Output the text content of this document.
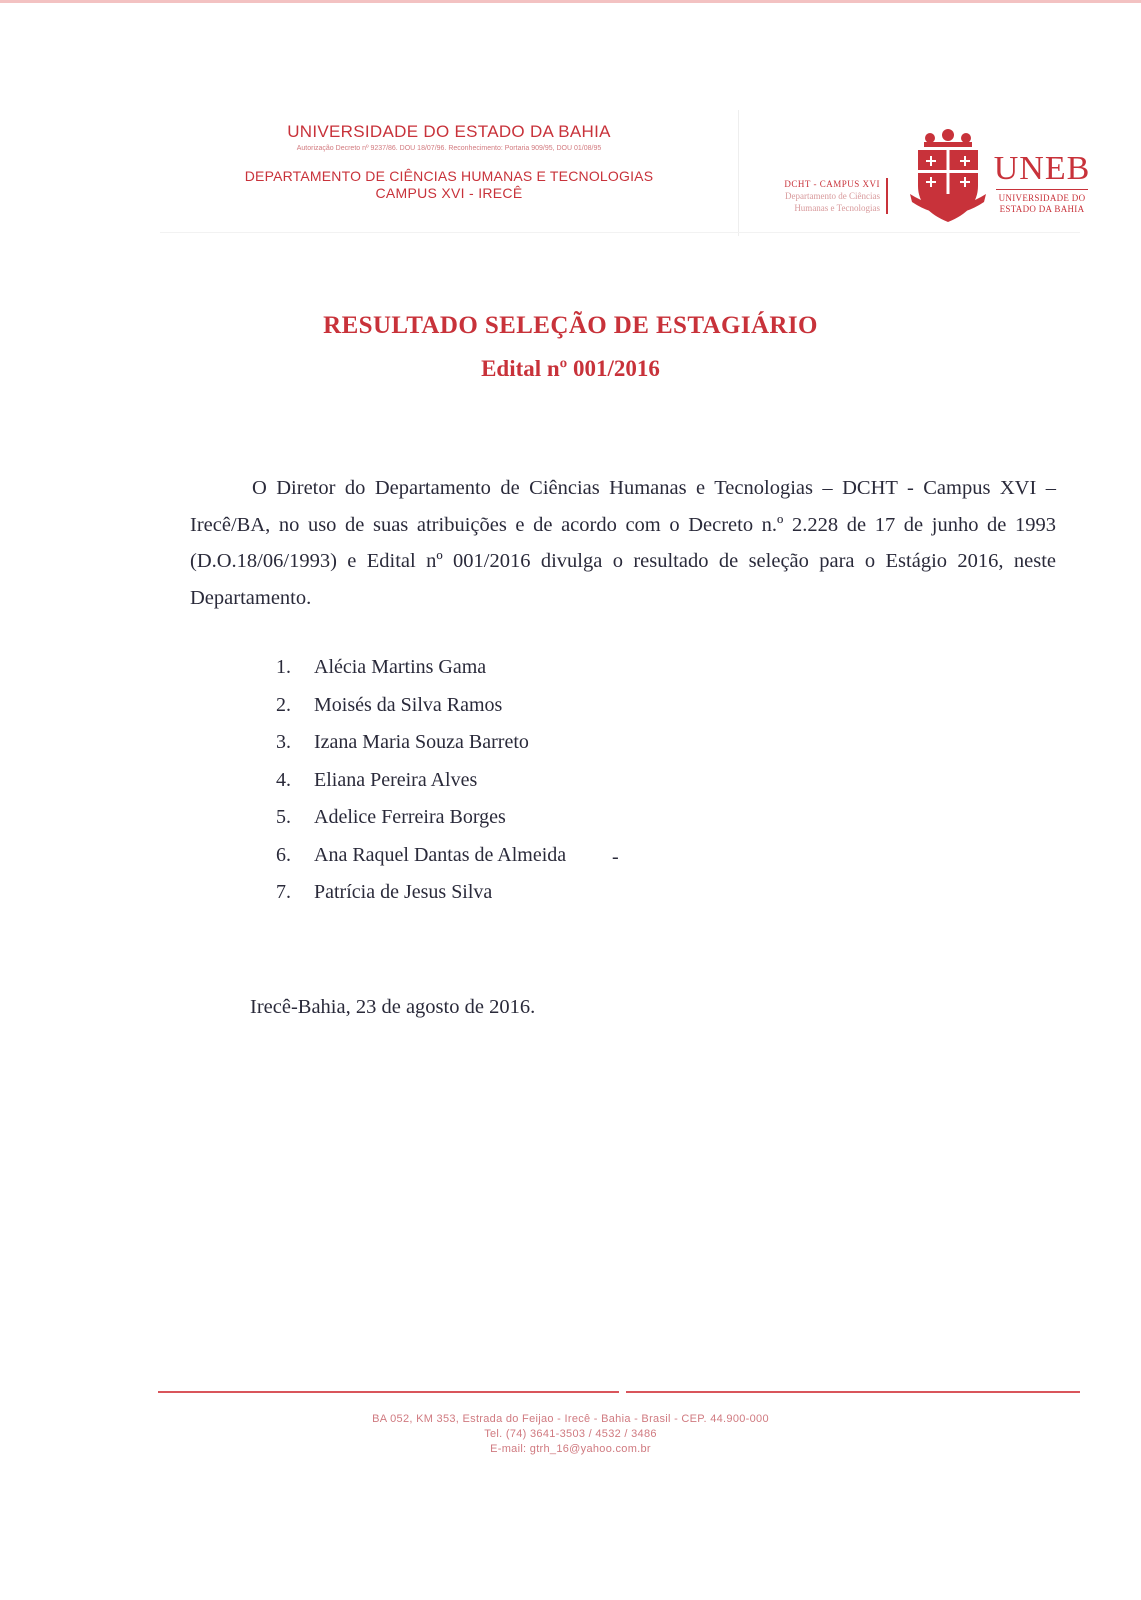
UNIVERSIDADE DO ESTADO DA BAHIA
Autorização Decreto nº 9237/86. DOU 18/07/96. Reconhecimento: Portaria 909/95, DOU 01/08/95
DEPARTAMENTO DE CIÊNCIAS HUMANAS E TECNOLOGIAS
CAMPUS XVI - IRECÊ
DCHT - CAMPUS XVI
Departamento de Ciências
Humanas e Tecnologias
UNEB
UNIVERSIDADE DO
ESTADO DA BAHIA
RESULTADO SELEÇÃO DE ESTAGIÁRIO
Edital nº 001/2016
O Diretor do Departamento de Ciências Humanas e Tecnologias – DCHT - Campus XVI – Irecê/BA, no uso de suas atribuições e de acordo com o Decreto n.º 2.228 de 17 de junho de 1993 (D.O.18/06/1993) e Edital nº 001/2016 divulga o resultado de seleção para o Estágio 2016, neste Departamento.
1.	Alécia Martins Gama
2.	Moisés da Silva Ramos
3.	Izana Maria Souza Barreto
4.	Eliana Pereira Alves
5.	Adelice Ferreira Borges
6.	Ana Raquel Dantas de Almeida
7.	Patrícia de Jesus Silva
-
Irecê-Bahia, 23 de agosto de 2016.
BA 052, KM 353, Estrada do Feijao - Irecê - Bahia - Brasil - CEP. 44.900-000
Tel. (74) 3641-3503 / 4532 / 3486
E-mail: gtrh_16@yahoo.com.br
